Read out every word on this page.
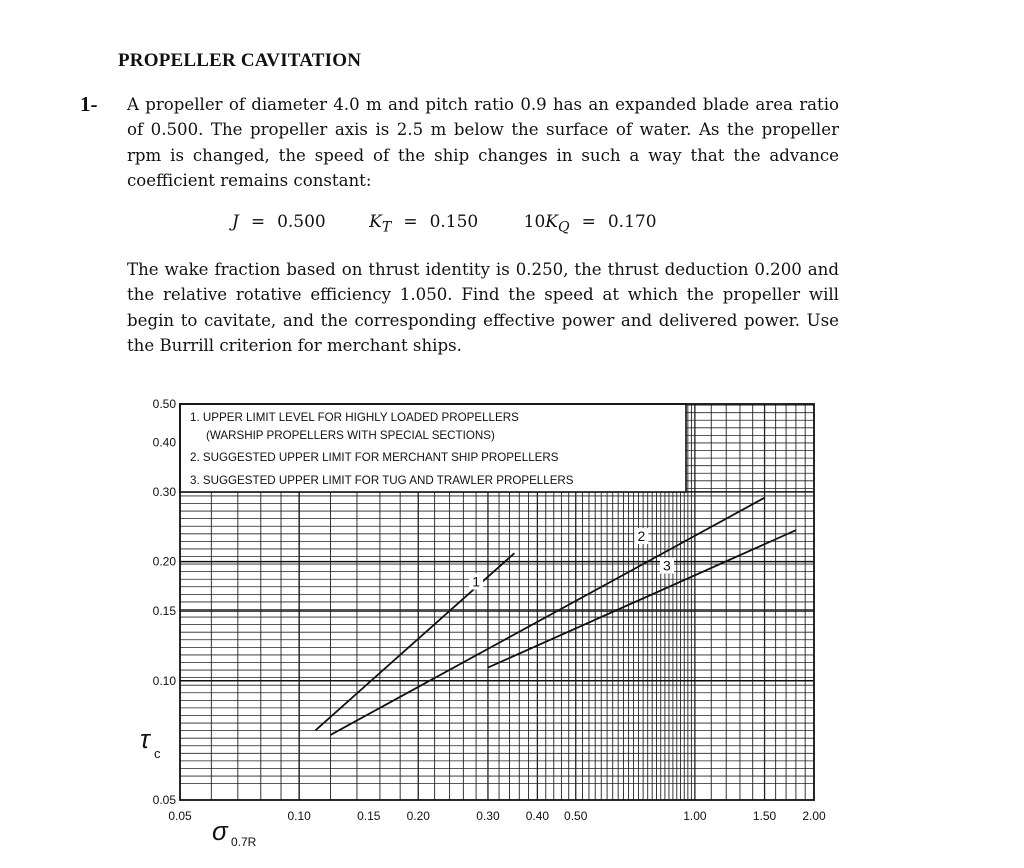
PROPELLER CAVITATION
1- A propeller of diameter 4.0 m and pitch ratio 0.9 has an expanded blade area ratio of 0.500. The propeller axis is 2.5 m below the surface of water. As the propeller rpm is changed, the speed of the ship changes in such a way that the advance coefficient remains constant:

J = 0.500	$K_T = 0.150$	$10K_Q = 0.170$

The wake fraction based on thrust identity is 0.250, the thrust deduction 0.200 and the relative rotative efficiency 1.050. Find the speed at which the propeller will begin to cavitate, and the corresponding effective power and delivered power. Use the Burrill criterion for merchant ships.

1
2
3
1. UPPER LIMIT LEVEL FOR HIGHLY LOADED PROPELLERS
(WARSHIP PROPELLERS WITH SPECIAL SECTIONS)
2. SUGGESTED UPPER LIMIT FOR MERCHANT SHIP PROPELLERS
3. SUGGESTED UPPER LIMIT FOR TUG AND TRAWLER PROPELLERS
0.05	0.10	0.15 0.20	0.30 0.40 0.50	1.00	1.50 2.00
0.50
0.40
0.30
0.20
0.15
0.10
0.05
σ 0.7R
τ c
